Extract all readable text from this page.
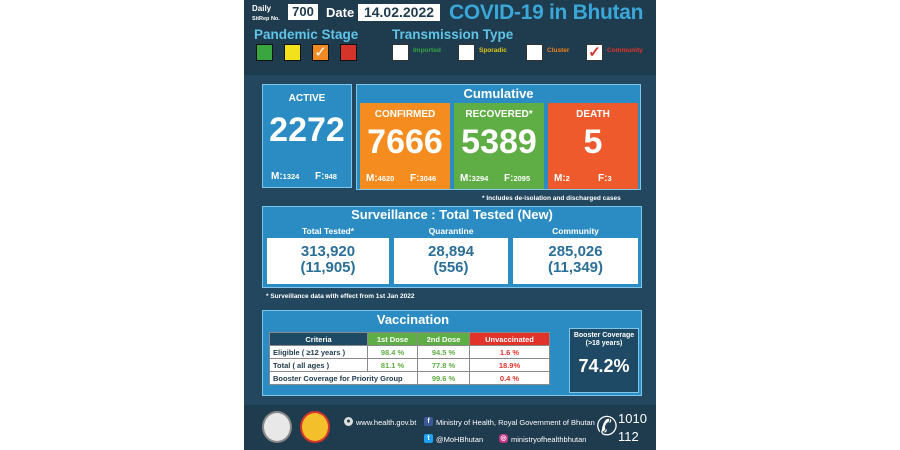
Daily
SitRep No. 700 Date 14.02.2022 COVID-19 in Bhutan
Pandemic Stage
✓
Transmission Type
Imported	Sporadic	Cluster ✓ Community
ACTIVE
2272
M:1324 F:948
Cumulative
CONFIRMED
7666
M:4620 F:3046
RECOVERED*
5389
M:3294 F:2095
DEATH
5
M:2	F:3
* Includes de-isolation and discharged cases
Surveillance : Total Tested (New)
Total Tested*
313,920
(11,905)
Quarantine
28,894
(556)
Community
285,026
(11,349)
* Surveillance data with effect from 1st Jan 2022
Vaccination
Criteria	1st Dose	2nd Dose	Unvaccinated
Eligible ( ≥12 years )	98.4 %	94.5 %	1.6 %
Total ( all ages )	81.1 %	77.8 %	18.9%
Booster Coverage for Priority Group		99.6 %	0.4 %
Booster Coverage (>18 years)
74.2%
● www.health.gov.bt	f Ministry of Health, Royal Government of Bhutan
t @MoHBhutan ◎ ministryofhealthbhutan ✆ 1010
112
